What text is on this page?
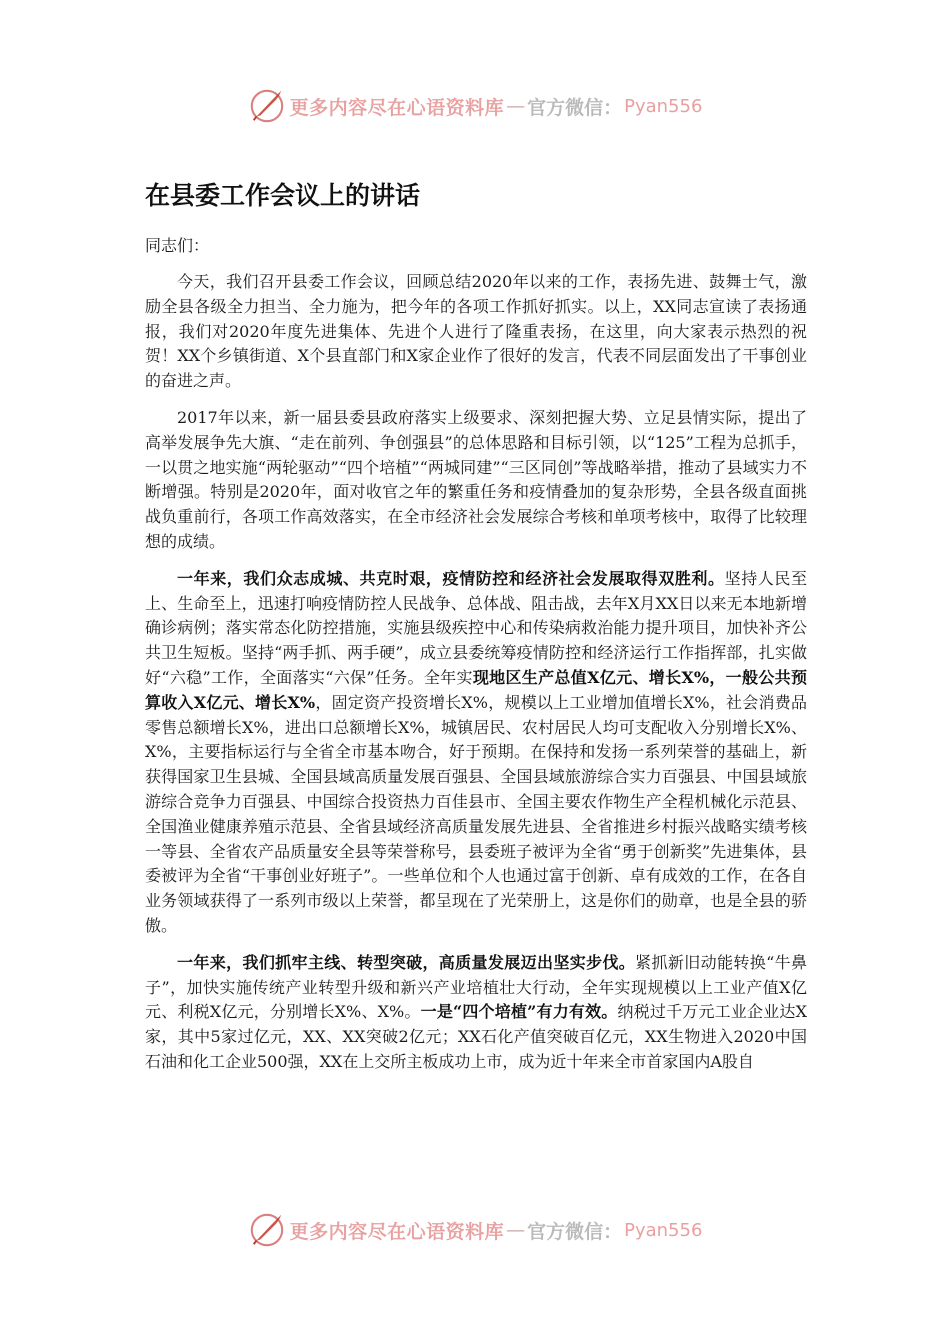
更多内容尽在心语资料库 — 官方微信： Pyan556
在县委工作会议上的讲话
同志们：

今天，我们召开县委工作会议，回顾总结2020年以来的工作，表扬先进、鼓舞士气，激励全县各级全力担当、全力施为，把今年的各项工作抓好抓实。以上，XX同志宣读了表扬通报，我们对2020年度先进集体、先进个人进行了隆重表扬，在这里，向大家表示热烈的祝贺！XX个乡镇街道、X个县直部门和X家企业作了很好的发言，代表不同层面发出了干事创业的奋进之声。

2017年以来，新一届县委县政府落实上级要求、深刻把握大势、立足县情实际，提出了高举发展争先大旗、“走在前列、争创强县”的总体思路和目标引领，以“125”工程为总抓手，一以贯之地实施“两轮驱动”“四个培植”“两城同建”“三区同创”等战略举措，推动了县域实力不断增强。特别是2020年，面对收官之年的繁重任务和疫情叠加的复杂形势，全县各级直面挑战负重前行，各项工作高效落实，在全市经济社会发展综合考核和单项考核中，取得了比较理想的成绩。

一年来，我们众志成城、共克时艰，疫情防控和经济社会发展取得双胜利。坚持人民至上、生命至上，迅速打响疫情防控人民战争、总体战、阻击战，去年X月XX日以来无本地新增确诊病例；落实常态化防控措施，实施县级疾控中心和传染病救治能力提升项目，加快补齐公共卫生短板。坚持“两手抓、两手硬”，成立县委统筹疫情防控和经济运行工作指挥部，扎实做好“六稳”工作，全面落实“六保”任务。全年实现地区生产总值X亿元、增长X%，一般公共预算收入X亿元、增长X%，固定资产投资增长X%，规模以上工业增加值增长X%，社会消费品零售总额增长X%，进出口总额增长X%，城镇居民、农村居民人均可支配收入分别增长X%、X%，主要指标运行与全省全市基本吻合，好于预期。在保持和发扬一系列荣誉的基础上，新获得国家卫生县城、全国县域高质量发展百强县、全国县域旅游综合实力百强县、中国县域旅游综合竞争力百强县、中国综合投资热力百佳县市、全国主要农作物生产全程机械化示范县、全国渔业健康养殖示范县、全省县域经济高质量发展先进县、全省推进乡村振兴战略实绩考核一等县、全省农产品质量安全县等荣誉称号，县委班子被评为全省“勇于创新奖”先进集体，县委被评为全省“干事创业好班子”。一些单位和个人也通过富于创新、卓有成效的工作，在各自业务领域获得了一系列市级以上荣誉，都呈现在了光荣册上，这是你们的勋章，也是全县的骄傲。

一年来，我们抓牢主线、转型突破，高质量发展迈出坚实步伐。紧抓新旧动能转换“牛鼻子”，加快实施传统产业转型升级和新兴产业培植壮大行动，全年实现规模以上工业产值X亿元、利税X亿元，分别增长X%、X%。一是“四个培植”有力有效。纳税过千万元工业企业达X家，其中5家过亿元，XX、XX突破2亿元；XX石化产值突破百亿元，XX生物进入2020中国石油和化工企业500强，XX在上交所主板成功上市，成为近十年来全市首家国内A股自

更多内容尽在心语资料库 — 官方微信： Pyan556
